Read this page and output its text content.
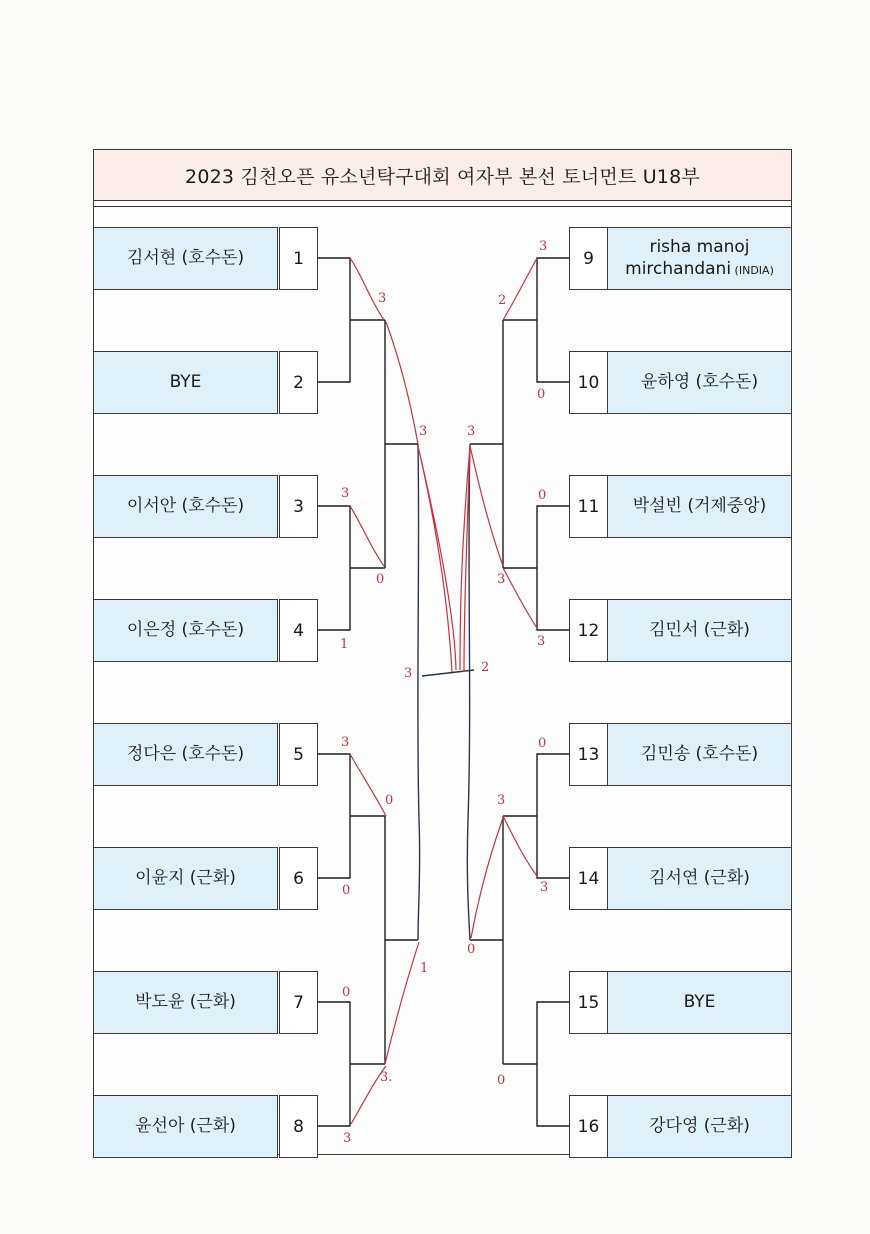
2023 김천오픈 유소년탁구대회 여자부 본선 토너먼트 U18부
김서현 (호수돈)	1
BYE	2
이서안 (호수돈)	3
이은정 (호수돈)	4
정다은 (호수돈)	5
이윤지 (근화)	6
박도윤 (근화)	7
윤선아 (근화)	8
9
risha manoj
mirchandani (INDIA)
10	윤하영 (호수돈)
11	박설빈 (거제중앙)
12	김민서 (근화)
13	김민송 (호수돈)
14	김서연 (근화)
15	BYE
16	강다영 (근화)
3
3
1
0
3
0
0
0
3
3.
3
1
3	2
3
0
2
0
3
3
0
3
3
0
3
0
